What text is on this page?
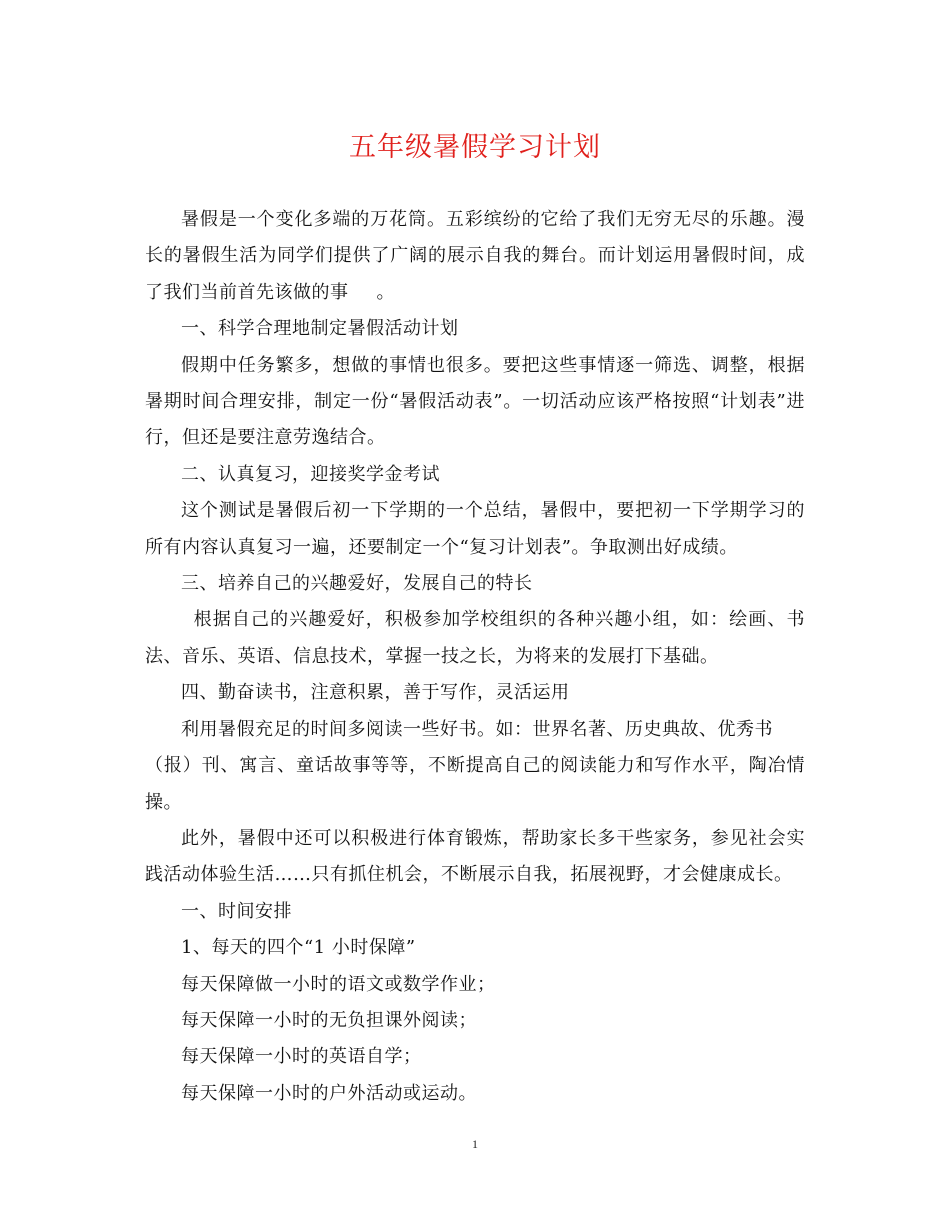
五年级暑假学习计划

暑假是一个变化多端的万花筒。五彩缤纷的它给了我们无穷无尽的乐趣。漫长的暑假生活为同学们提供了广阔的展示自我的舞台。而计划运用暑假时间，成了我们当前首先该做的事 。

一、科学合理地制定暑假活动计划

假期中任务繁多，想做的事情也很多。要把这些事情逐一筛选、调整，根据暑期时间合理安排，制定一份“暑假活动表”。一切活动应该严格按照“计划表”进行，但还是要注意劳逸结合。

二、认真复习，迎接奖学金考试

这个测试是暑假后初一下学期的一个总结，暑假中，要把初一下学期学习的所有内容认真复习一遍，还要制定一个“复习计划表”。争取测出好成绩。

三、培养自己的兴趣爱好，发展自己的特长

根据自己的兴趣爱好，积极参加学校组织的各种兴趣小组，如：绘画、书法、音乐、英语、信息技术，掌握一技之长，为将来的发展打下基础。

四、勤奋读书，注意积累，善于写作，灵活运用

利用暑假充足的时间多阅读一些好书。如：世界名著、历史典故、优秀书

（报）刊、寓言、童话故事等等，不断提高自己的阅读能力和写作水平，陶冶情操。

此外，暑假中还可以积极进行体育锻炼，帮助家长多干些家务，参见社会实践活动体验生活……只有抓住机会，不断展示自我，拓展视野，才会健康成长。

一、时间安排

1、每天的四个“1 小时保障”

每天保障做一小时的语文或数学作业；

每天保障一小时的无负担课外阅读；

每天保障一小时的英语自学；

每天保障一小时的户外活动或运动。

1
